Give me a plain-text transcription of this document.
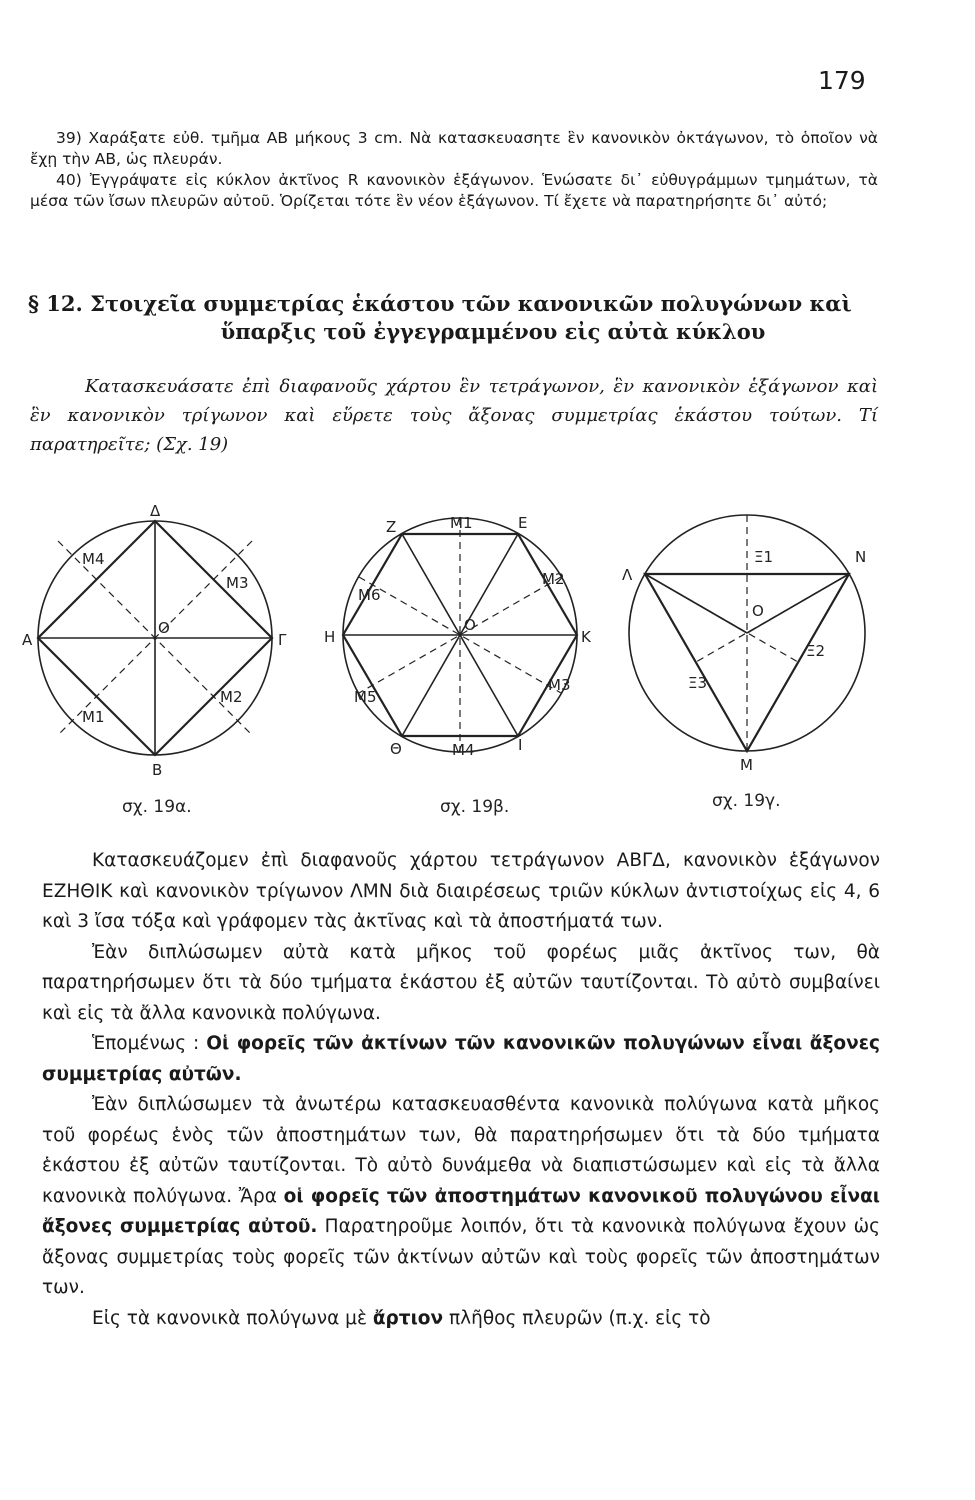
179

39) Χαράξατε εὐθ. τμῆμα ΑΒ μήκους 3 cm. Νὰ κατασκευασητε ἓν κανονικὸν ὀκτάγωνον, τὸ ὁποῖον νὰ ἔχῃ τὴν ΑΒ, ὡς πλευράν.

40) Ἐγγράψατε εἰς κύκλον ἀκτῖνος R κανονικὸν ἑξάγωνον. Ἑνώσατε δι᾽ εὐθυγράμμων τμημάτων, τὰ μέσα τῶν ἴσων πλευρῶν αὐτοῦ. Ὁρίζεται τότε ἓν νέον ἑξάγωνον. Τί ἔχετε νὰ παρατηρήσητε δι᾽ αὐτό;

§ 12. Στοιχεῖα συμμετρίας ἑκάστου τῶν κανονικῶν πολυγώνων καὶ
ὕπαρξις τοῦ ἐγγεγραμμένου εἰς αὐτὰ κύκλου
Κατασκευάσατε ἐπὶ διαφανοῦς χάρτου ἓν τετράγωνον, ἓν κανονικὸν ἑξάγωνον καὶ ἓν κανονικὸν τρίγωνον καὶ εὕρετε τοὺς ἄξονας συμμετρίας ἑκάστου τούτων. Τί παρατηρεῖτε; (Σχ. 19)
Δ
Α	Γ
Β
Ο
Μ1
Μ2
Μ3
Μ4
σχ. 19α.
Ζ	Ε
Η	Κ
Θ	Ι
Ο
Μ1
Μ2
Μ3
Μ4
Μ5
Μ6
σχ. 19β.
Λ
Ν
Μ
Ο
Ξ1
Ξ2
Ξ3
σχ. 19γ.

Κατασκευάζομεν ἐπὶ διαφανοῦς χάρτου τετράγωνον ΑΒΓΔ, κανονικὸν ἑξάγωνον ΕΖΗΘΙΚ καὶ κανονικὸν τρίγωνον ΛΜΝ διὰ διαιρέσεως τριῶν κύκλων ἀντιστοίχως εἰς 4, 6 καὶ 3 ἴσα τόξα καὶ γράφομεν τὰς ἀκτῖνας καὶ τὰ ἀποστήματά των.

Ἐὰν διπλώσωμεν αὐτὰ κατὰ μῆκος τοῦ φορέως μιᾶς ἀκτῖνος των, θὰ παρατηρήσωμεν ὅτι τὰ δύο τμήματα ἑκάστου ἐξ αὐτῶν ταυτίζονται. Τὸ αὐτὸ συμβαίνει καὶ εἰς τὰ ἄλλα κανονικὰ πολύγωνα.

Ἑπομένως : Οἱ φορεῖς τῶν ἀκτίνων τῶν κανονικῶν πολυγώνων εἶναι ἄξονες συμμετρίας αὐτῶν.

Ἐὰν διπλώσωμεν τὰ ἀνωτέρω κατασκευασθέντα κανονικὰ πολύγωνα κατὰ μῆκος τοῦ φορέως ἑνὸς τῶν ἀποστημάτων των, θὰ παρατηρήσωμεν ὅτι τὰ δύο τμήματα ἑκάστου ἐξ αὐτῶν ταυτίζονται. Τὸ αὐτὸ δυνάμεθα νὰ διαπιστώσωμεν καὶ εἰς τὰ ἄλλα κανονικὰ πολύγωνα. Ἄρα οἱ φορεῖς τῶν ἀποστημάτων κανονικοῦ πολυγώνου εἶναι ἄξονες συμμετρίας αὐτοῦ. Παρατηροῦμε λοιπόν, ὅτι τὰ κανονικὰ πολύγωνα ἔχουν ὡς ἄξονας συμμετρίας τοὺς φορεῖς τῶν ἀκτίνων αὐτῶν καὶ τοὺς φορεῖς τῶν ἀποστημάτων των.

Εἰς τὰ κανονικὰ πολύγωνα μὲ ἄρτιον πλῆθος πλευρῶν (π.χ. εἰς τὸ
